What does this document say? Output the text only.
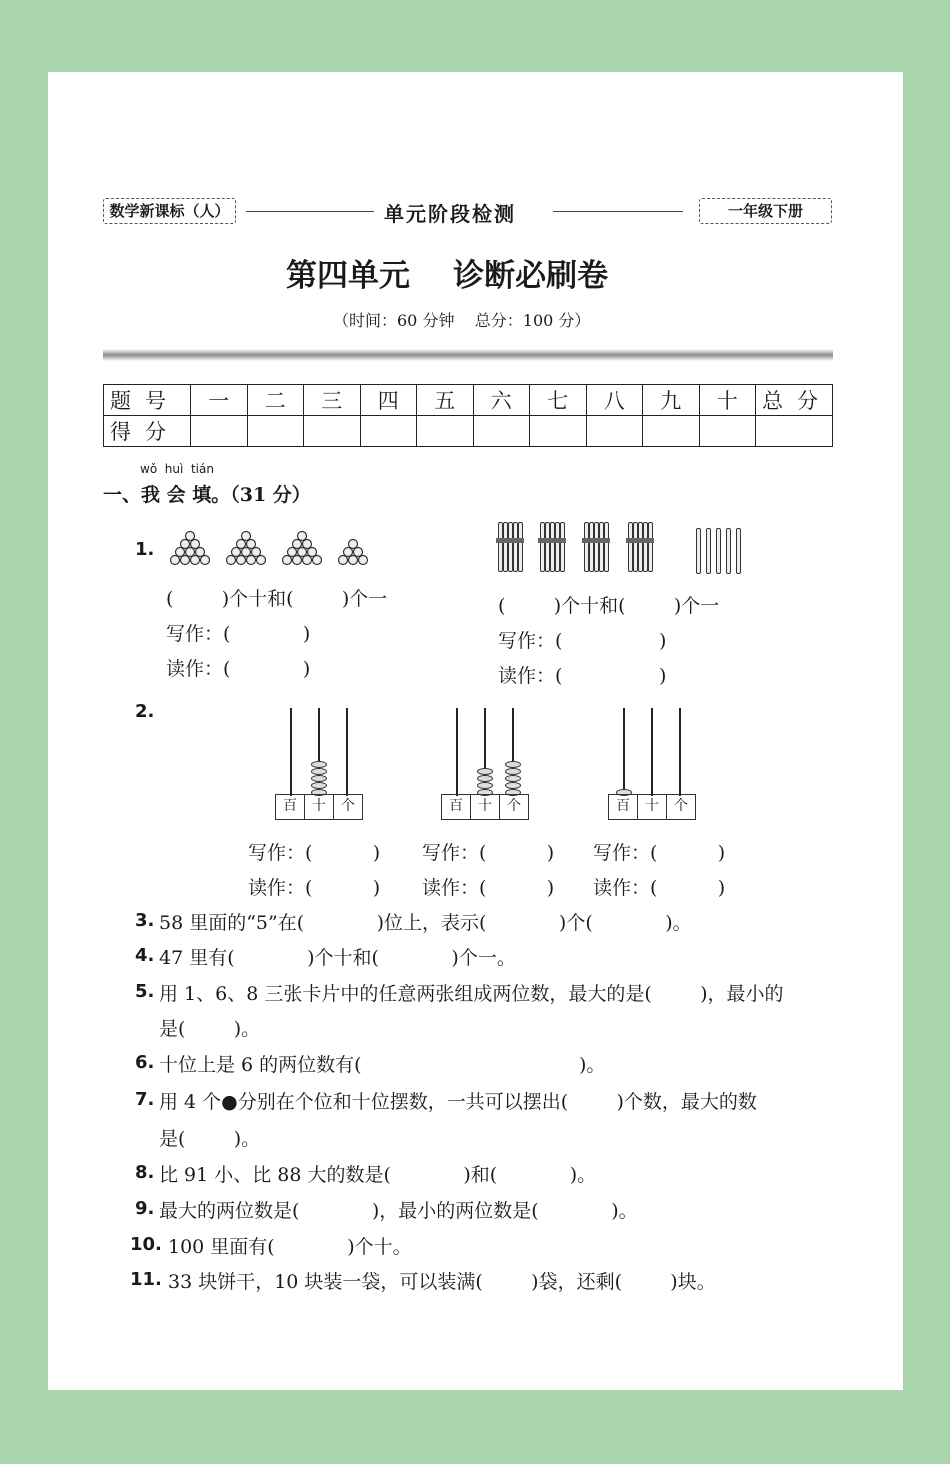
数学新课标（人）	单元阶段检测	一年级下册
第四单元    诊断必刷卷
（时间：60 分钟    总分：100 分）
题号	一	二	三	四	五	六	七	八	九	十	总分
得分											
wǒ  huì  tián
一、我 会 填。（31 分）
1.
(        )个十和(        )个一
写作：(            )
读作：(            )
(        )个十和(        )个一
写作：(                )
读作：(                )
2.
百	十	个	百	十	个	百	十	个
写作：(          )
读作：(          )
写作：(          )
读作：(          )
写作：(          )
读作：(          )
3. 58 里面的“5”在(            )位上，表示(            )个(            )。
4. 47 里有(            )个十和(            )个一。
5. 用 1、6、8 三张卡片中的任意两张组成两位数，最大的是(        )，最小的
是(        )。
6. 十位上是 6 的两位数有(                                    )。
7. 用 4 个●分别在个位和十位摆数，一共可以摆出(        )个数，最大的数
是(        )。
8. 比 91 小、比 88 大的数是(            )和(            )。
9. 最大的两位数是(            )，最小的两位数是(            )。
10. 100 里面有(            )个十。
11. 33 块饼干，10 块装一袋，可以装满(        )袋，还剩(        )块。
